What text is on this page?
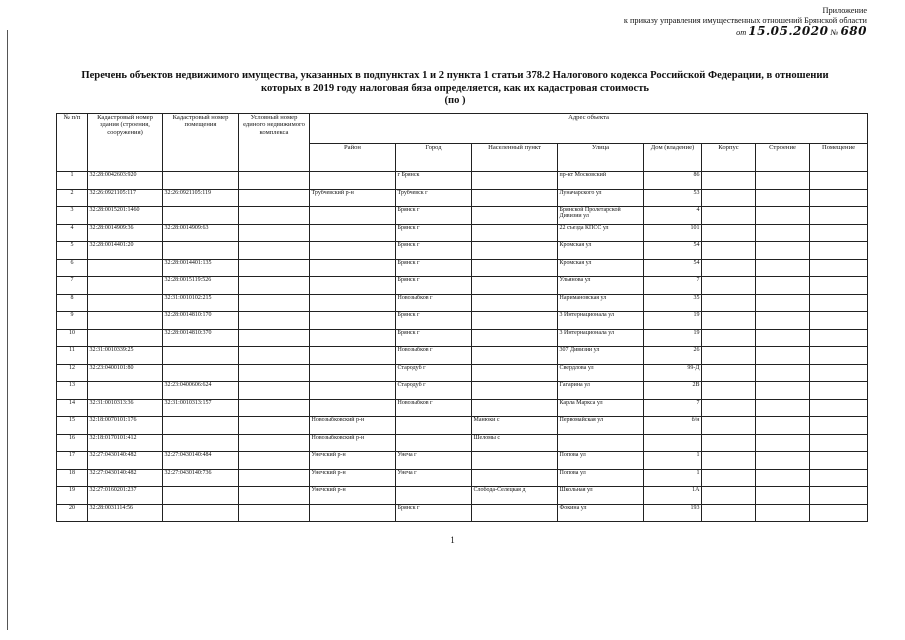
Приложение
к приказу управления имущественных отношений Брянской области
от 15.05.2020 № 680
Перечень объектов недвижимого имущества, указанных в подпунктах 1 и 2 пункта 1 статьи 378.2 Налогового кодекса Российской Федерации, в отношении
которых в 2019 году налоговая бяза определяется, как их кадастровая стоимость
(по )
№ п/п	Кадастровый номер здания (строения, сооружения)	Кадастровый номер помещения	Условный номер единого недвижимого комплекса	Адрес объекта							
				Район	Город	Населенный пункт	Улица	Дом (владение)	Корпус	Строение	Помещение
1	32:28:0042603:920				г Брянск		пр-кт Московский	86			
2	32:26:0921105:117	32:26:0921105:119		Трубчевский р-н	Трубчевск г		Луначарского ул	53			
3	32:28:0015201:1460				Брянск г		Брянской Пролетарской Дивизии ул	4			
4	32:28:0014909:36	32:28:0014909:63			Брянск г		22 съезда КПСС ул	101			
5	32:28:0014401:20				Брянск г		Кромская ул	54			
6		32:28:0014401:135			Брянск г		Кромская ул	54			
7		32:28:0015119:526			Брянск г		Ульянова ул	7			
8		32:31:0010102:215			Новозыбков г		Наримановская ул	35			
9		32:28:0014810:170			Брянск г		3 Интернационала ул	19			
10		32:28:0014810:370			Брянск г		3 Интернационала ул	19			
11	32:31:0010339:25				Новозыбков г		307 Дивизии ул	26			
12	32:23:0400101:80				Стародуб г		Свердлова ул	99-Д			
13		32:23:0400606:624			Стародуб г		Гагарина ул	2В			
14	32:31:0010313:36	32:31:0010313:157			Новозыбков г		Карла Маркса ул	7			
15	32:18:0070101:176			Новозыбковский р-н		Манюки с	Первомайская ул	б/н			
16	32:18:0170101:412			Новозыбковский р-н		Шеломы с					
17	32:27:0430140:482	32:27:0430140:484		Унечский р-н	Унеча г		Попова ул	1			
18	32:27:0430140:482	32:27:0430140:736		Унечский р-н	Унеча г		Попова ул	1			
19	32:27:0160201:237			Унечский р-н		Слобода-Селецкая д	Школьная ул	1А			
20	32:28:0031114:56				Брянск г		Фокина ул	193			
1
